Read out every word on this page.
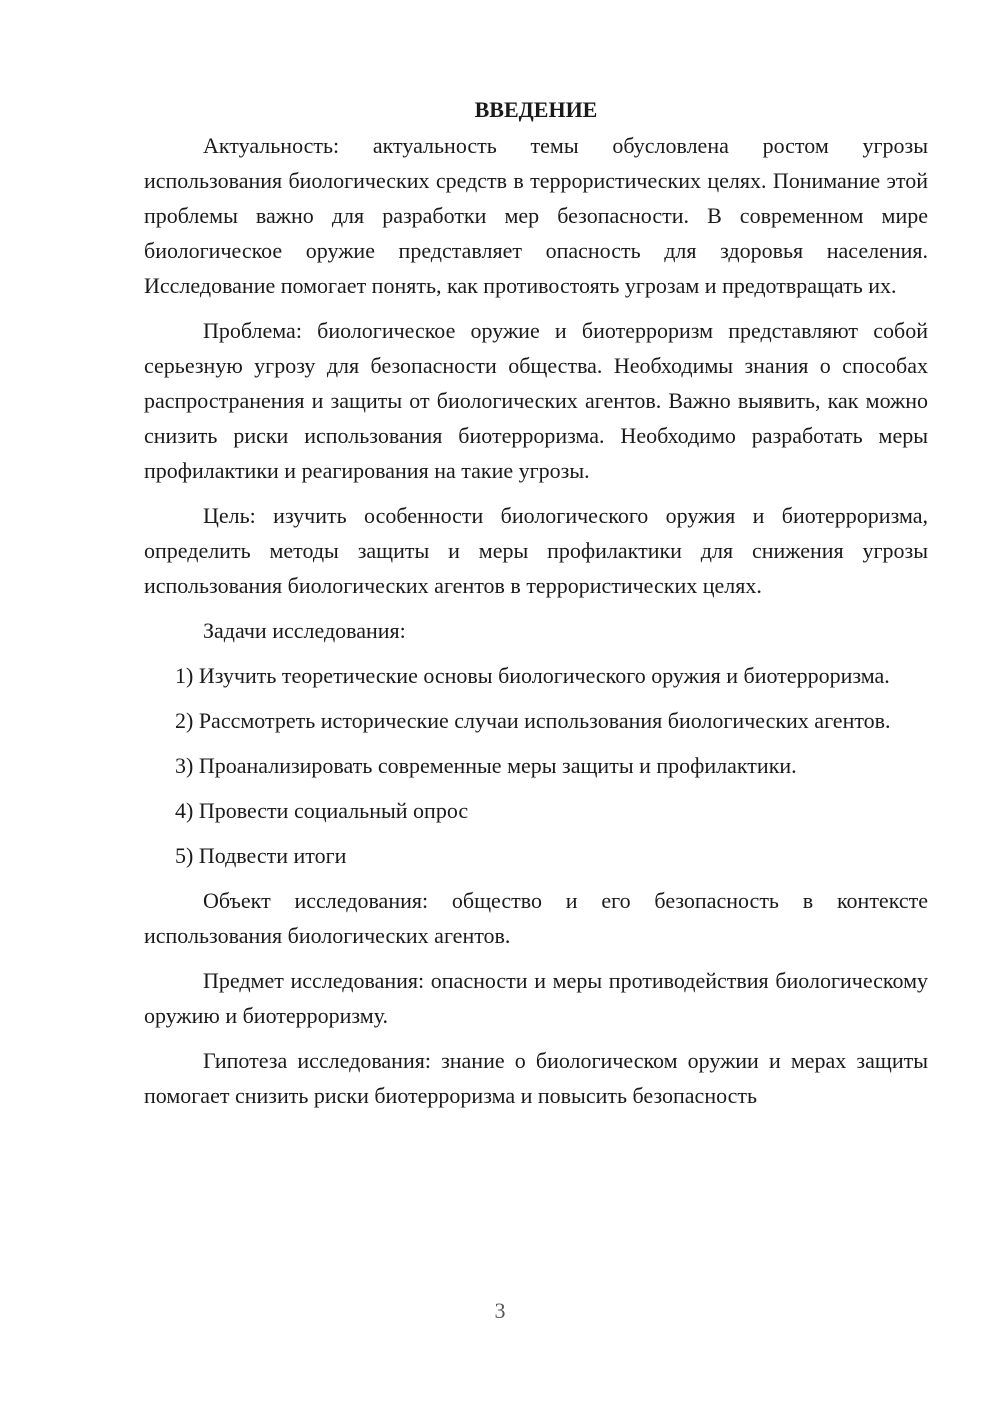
ВВЕДЕНИЕ

Актуальность: актуальность темы обусловлена ростом угрозы использования биологических средств в террористических целях. Понимание этой проблемы важно для разработки мер безопасности. В современном мире биологическое оружие представляет опасность для здоровья населения. Исследование помогает понять, как противостоять угрозам и предотвращать их.

Проблема: биологическое оружие и биотерроризм представляют собой серьезную угрозу для безопасности общества. Необходимы знания о способах распространения и защиты от биологических агентов. Важно выявить, как можно снизить риски использования биотерроризма. Необходимо разработать меры профилактики и реагирования на такие угрозы.

Цель: изучить особенности биологического оружия и биотерроризма, определить методы защиты и меры профилактики для снижения угрозы использования биологических агентов в террористических целях.

Задачи исследования:

1) Изучить теоретические основы биологического оружия и биотерроризма.

2) Рассмотреть исторические случаи использования биологических агентов.

3) Проанализировать современные меры защиты и профилактики.

4) Провести социальный опрос

5) Подвести итоги

Объект исследования: общество и его безопасность в контексте использования биологических агентов.

Предмет исследования: опасности и меры противодействия биологическому оружию и биотерроризму.

Гипотеза исследования: знание о биологическом оружии и мерах защиты помогает снизить риски биотерроризма и повысить безопасность

3
